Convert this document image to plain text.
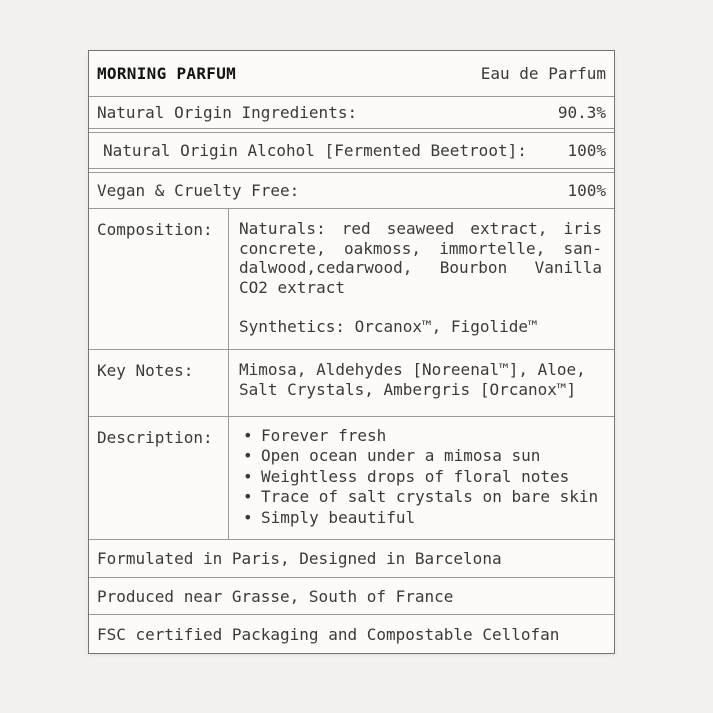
MORNING PARFUM	Eau de Parfum
Natural Origin Ingredients:	90.3%
Natural Origin Alcohol [Fermented Beetroot]:	100%
Vegan & Cruelty Free:	100%
Composition:	Naturals: red seaweed extract, iris concrete, oakmoss, immortelle, sandalwood,cedarwood, Bourbon Vanilla CO2 extract

Synthetics: Orcanox™, Figolide™

Key Notes:	Mimosa, Aldehydes [Noreenal™], Aloe, Salt Crystals, Ambergris [Orcanox™]
Description:	• Forever fresh
• Open ocean under a mimosa sun
• Weightless drops of floral notes
• Trace of salt crystals on bare skin
• Simply beautiful
Formulated in Paris, Designed in Barcelona
Produced near Grasse, South of France
FSC certified Packaging and Compostable Cellofan
